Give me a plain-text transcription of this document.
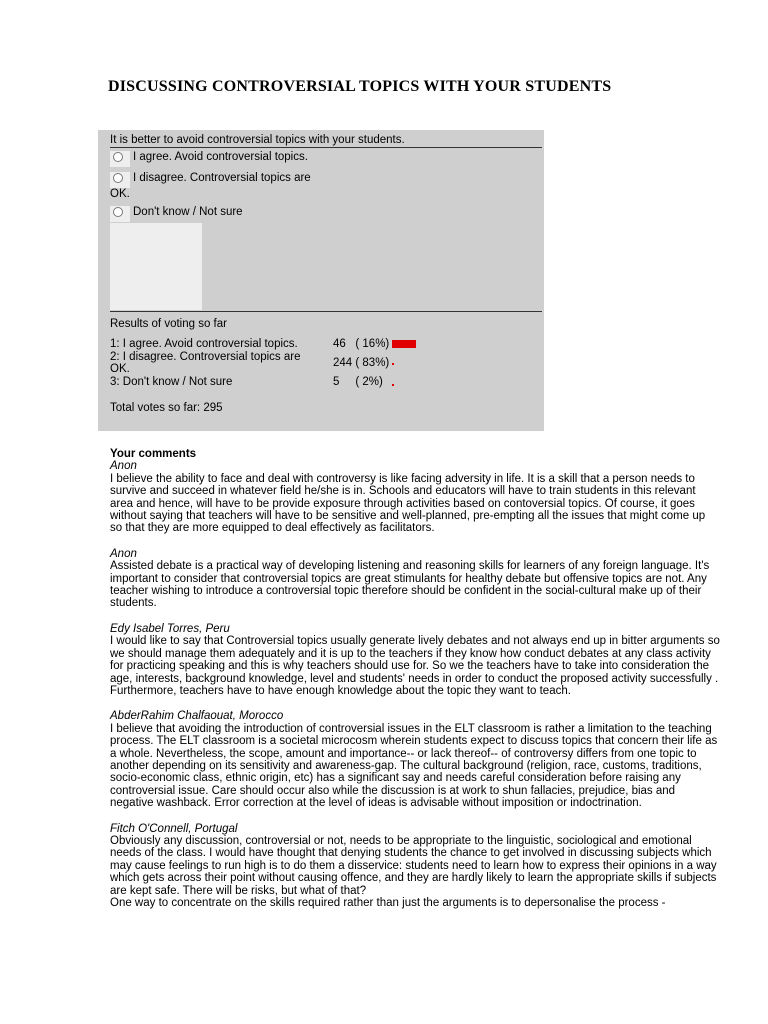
DISCUSSING CONTROVERSIAL TOPICS WITH YOUR STUDENTS
It is better to avoid controversial topics with your students.
I agree. Avoid controversial topics.
I disagree. Controversial topics are OK.
Don't know / Not sure
Results of voting so far
1: I agree. Avoid controversial topics.	46   ( 16%)
2: I disagree. Controversial topics are OK.	244 ( 83%)
3: Don't know / Not sure	5     ( 2%)
Total votes so far: 295
Your comments
Anon

I believe the ability to face and deal with controversy is like facing adversity in life. It is a skill that a person needs to survive and succeed in whatever field he/she is in. Schools and educators will have to train students in this relevant area and hence, will have to be provide exposure through activities based on contoversial topics. Of course, it goes without saying that teachers will have to be sensitive and well-planned, pre-empting all the issues that might come up so that they are more equipped to deal effectively as facilitators.

Anon

Assisted debate is a practical way of developing listening and reasoning skills for learners of any foreign language. It's important to consider that controversial topics are great stimulants for healthy debate but offensive topics are not. Any teacher wishing to introduce a controversial topic therefore should be confident in the social-cultural make up of their students.

Edy Isabel Torres, Peru

I would like to say that Controversial topics usually generate lively debates and not always end up in bitter arguments so we should manage them adequately and it is up to the teachers if they know how conduct debates at any class activity for practicing speaking and this is why teachers should use for. So we the teachers have to take into consideration the age, interests, background knowledge, level and students' needs in order to conduct the proposed activity successfully . Furthermore, teachers have to have enough knowledge about the topic they want to teach.

AbderRahim Chalfaouat, Morocco

I believe that avoiding the introduction of controversial issues in the ELT classroom is rather a limitation to the teaching process. The ELT classroom is a societal microcosm wherein students expect to discuss topics that concern their life as a whole. Nevertheless, the scope, amount and importance-- or lack thereof-- of controversy differs from one topic to another depending on its sensitivity and awareness-gap. The cultural background (religion, race, customs, traditions, socio-economic class, ethnic origin, etc) has a significant say and needs careful consideration before raising any controversial issue. Care should occur also while the discussion is at work to shun fallacies, prejudice, bias and negative washback. Error correction at the level of ideas is advisable without imposition or indoctrination.

Fitch O'Connell, Portugal

Obviously any discussion, controversial or not, needs to be appropriate to the linguistic, sociological and emotional needs of the class. I would have thought that denying students the chance to get involved in discussing subjects which may cause feelings to run high is to do them a disservice: students need to learn how to express their opinions in a way which gets across their point without causing offence, and they are hardly likely to learn the appropriate skills if subjects are kept safe. There will be risks, but what of that?

One way to concentrate on the skills required rather than just the arguments is to depersonalise the process -
